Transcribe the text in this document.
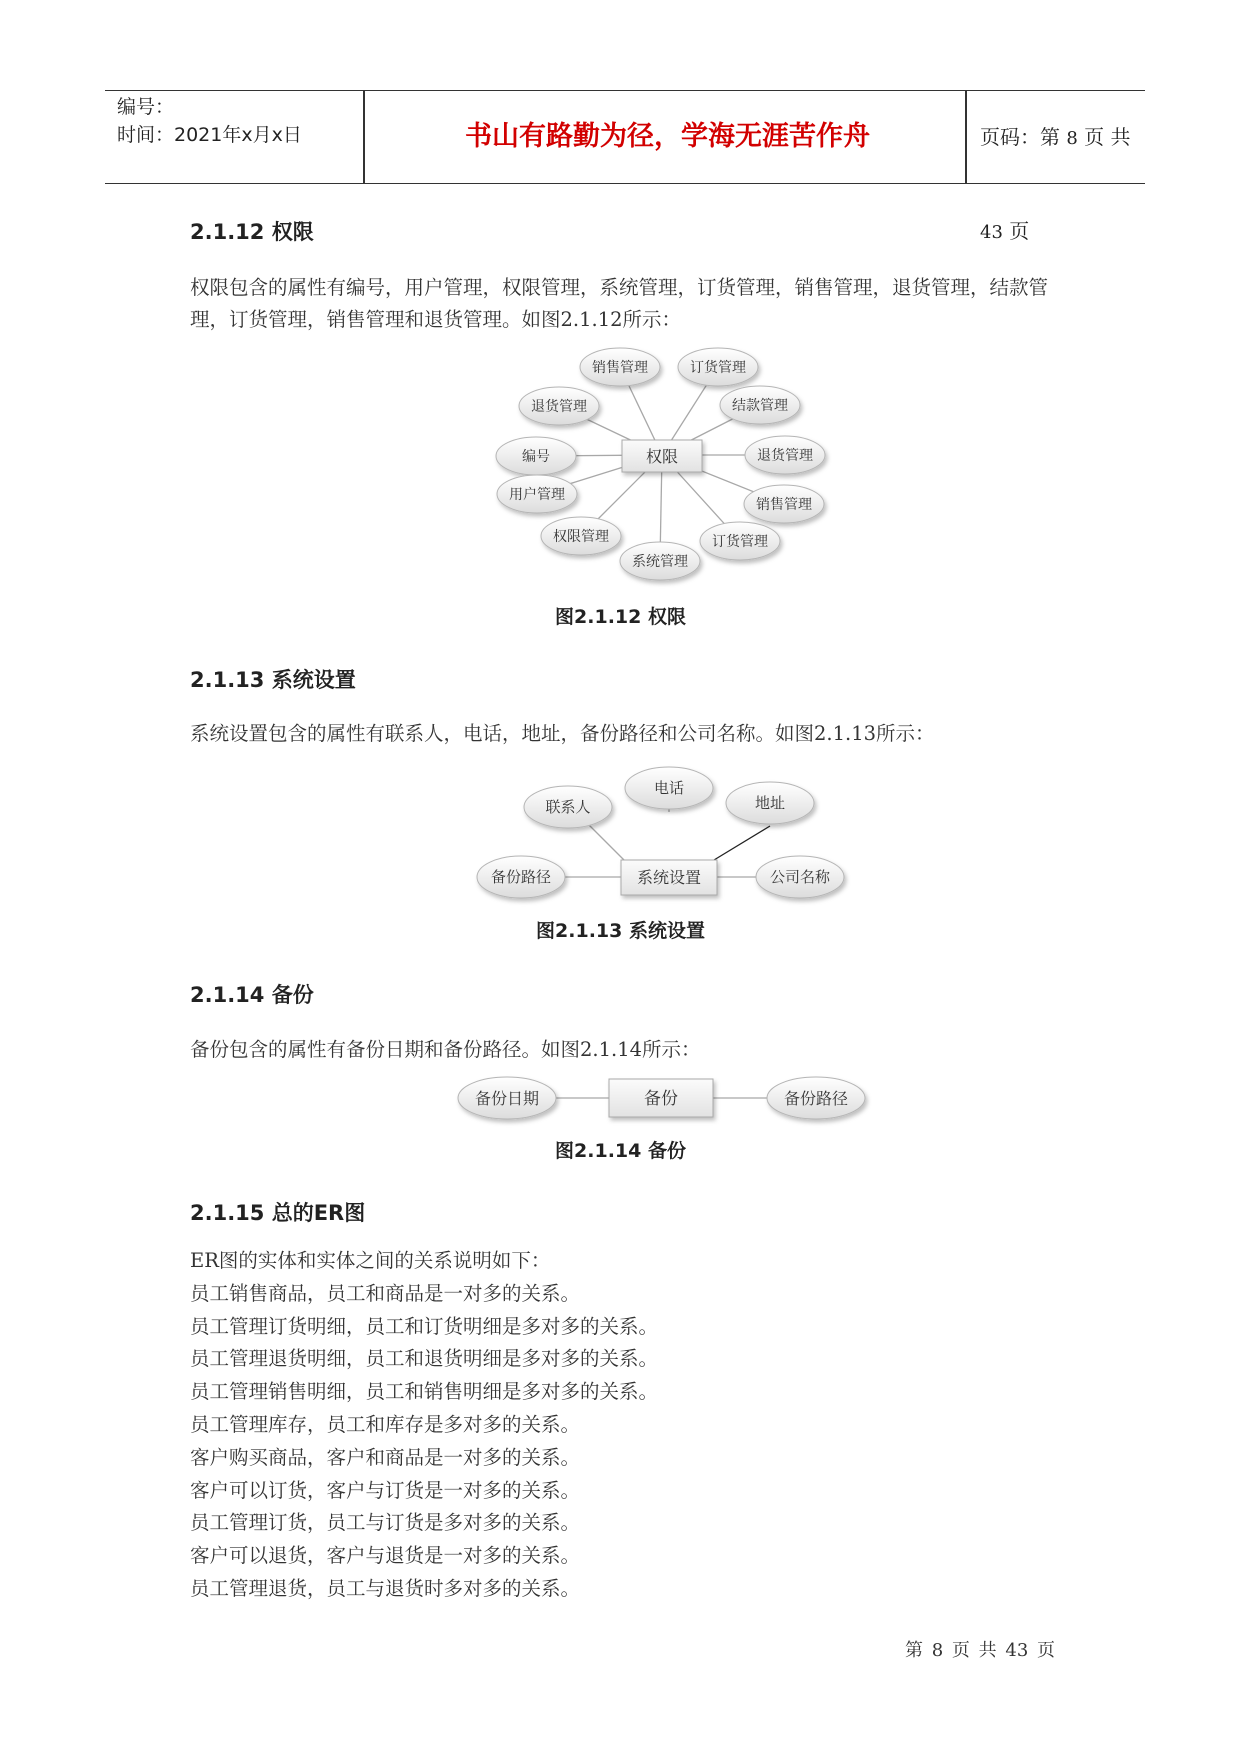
编号：
时间：2021年x月x日	书山有路勤为径，学海无涯苦作舟	页码：第 8 页 共 43 页
2.1.12 权限
权限包含的属性有编号，用户管理，权限管理，系统管理，订货管理，销售管理，退货管理，结款管理，订货管理，销售管理和退货管理。如图2.1.12所示：
销售管理	订货管理
退货管理	结款管理
编号	退货管理
用户管理
销售管理
权限管理	订货管理
系统管理
权限
电话
联系人	地址
备份路径	公司名称
系统设置
备份日期	备份路径
备份
图2.1.12 权限
2.1.13 系统设置
系统设置包含的属性有联系人，电话，地址，备份路径和公司名称。如图2.1.13所示：
图2.1.13 系统设置
2.1.14 备份
备份包含的属性有备份日期和备份路径。如图2.1.14所示：
图2.1.14 备份
2.1.15 总的ER图
ER图的实体和实体之间的关系说明如下：
员工销售商品，员工和商品是一对多的关系。
员工管理订货明细，员工和订货明细是多对多的关系。
员工管理退货明细，员工和退货明细是多对多的关系。
员工管理销售明细，员工和销售明细是多对多的关系。
员工管理库存，员工和库存是多对多的关系。
客户购买商品，客户和商品是一对多的关系。
客户可以订货，客户与订货是一对多的关系。
员工管理订货，员工与订货是多对多的关系。
客户可以退货，客户与退货是一对多的关系。
员工管理退货，员工与退货时多对多的关系。
第 8 页 共 43 页
